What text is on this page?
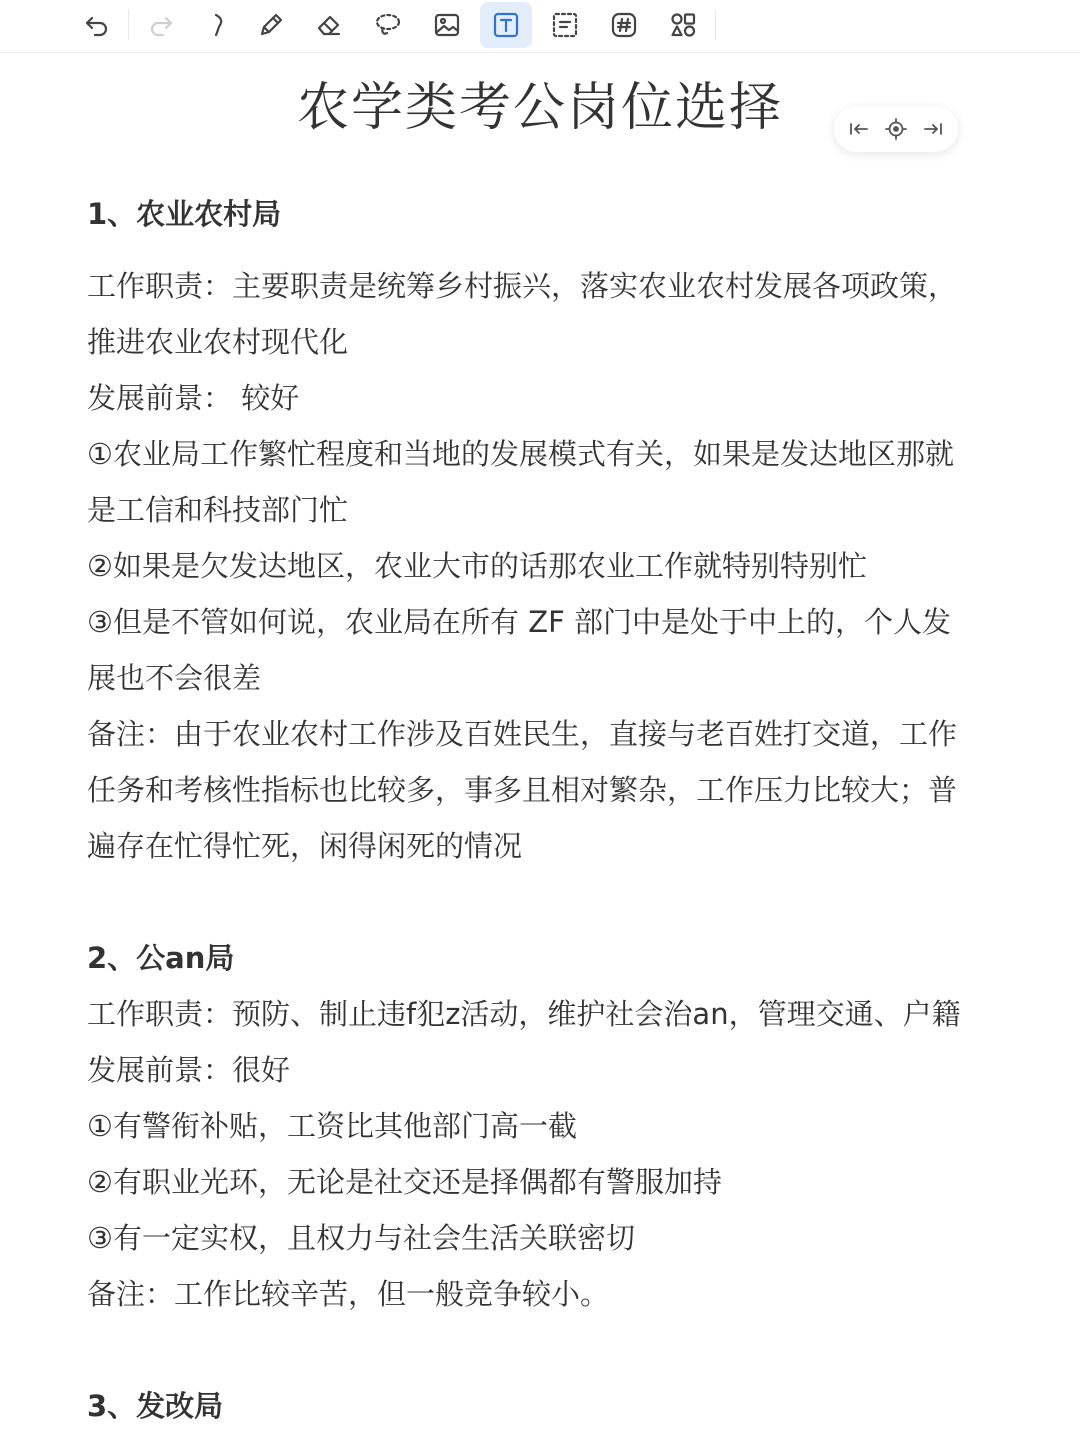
农学类考公岗位选择
1、农业农村局
工作职责：主要职责是统筹乡村振兴，落实农业农村发展各项政策，
推进农业农村现代化
发展前景： 较好
①农业局工作繁忙程度和当地的发展模式有关，如果是发达地区那就
是工信和科技部门忙
②如果是欠发达地区，农业大市的话那农业工作就特别特别忙
③但是不管如何说，农业局在所有 ZF 部门中是处于中上的，个人发
展也不会很差
备注：由于农业农村工作涉及百姓民生，直接与老百姓打交道，工作
任务和考核性指标也比较多，事多且相对繁杂，工作压力比较大；普
遍存在忙得忙死，闲得闲死的情况
2、公an局
工作职责：预防、制止违f犯z活动，维护社会治an，管理交通、户籍
发展前景：很好
①有警衔补贴，工资比其他部门高一截
②有职业光环，无论是社交还是择偶都有警服加持
③有一定实权，且权力与社会生活关联密切
备注：工作比较辛苦，但一般竞争较小。
3、发改局
